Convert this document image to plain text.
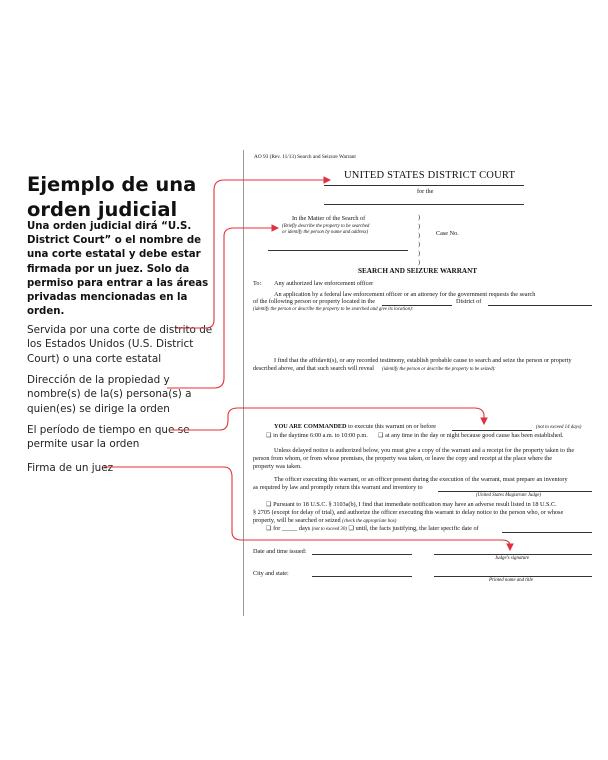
Ejemplo de una orden judicial
Una orden judicial dirá “U.S. District Court” o el nombre de una corte estatal y debe estar firmada por un juez. Solo da permiso para entrar a las áreas privadas mencionadas en la orden.
Servida por una corte de distrito de los Estados Unidos (U.S. District Court) o una corte estatal
Dirección de la propiedad y nombre(s) de la(s) persona(s) a quien(es) se dirige la orden
El período de tiempo en que se permite usar la orden
Firma de un juez
AO 93 (Rev. 11/13) Search and Seizure Warrant
UNITED STATES DISTRICT COURT
for the
In the Matter of the Search of
(Briefly describe the property to be searched
or identify the person by name and address)
)
)
)
)
)
)
Case No.
SEARCH AND SEIZURE WARRANT
To: Any authorized law enforcement officer
An application by a federal law enforcement officer or an attorney for the government requests the search
of the following person or property located in the	District of
(identify the person or describe the property to be searched and give its location):
I find that the affidavit(s), or any recorded testimony, establish probable cause to search and seize the person or property
described above, and that such search will reveal (identify the person or describe the property to be seized):
YOU ARE COMMANDED to execute this warrant on or before	(not to exceed 14 days)
❑ in the daytime 6:00 a.m. to 10:00 p.m. ❑ at any time in the day or night because good cause has been established.
Unless delayed notice is authorized below, you must give a copy of the warrant and a receipt for the property taken to the
person from whom, or from whose premises, the property was taken, or leave the copy and receipt at the place where the
property was taken.
The officer executing this warrant, or an officer present during the execution of the warrant, must prepare an inventory
as required by law and promptly return this warrant and inventory to
(United States Magistrate Judge)
❑ Pursuant to 18 U.S.C. § 3103a(b), I find that immediate notification may have an adverse result listed in 18 U.S.C.
§ 2705 (except for delay of trial), and authorize the officer executing this warrant to delay notice to the person who, or whose
property, will be searched or seized (check the appropriate box)
❑ for _____ days (not to exceed 30) ❑ until, the facts justifying, the later specific date of
Date and time issued:
Judge’s signature
City and state:
Printed name and title
